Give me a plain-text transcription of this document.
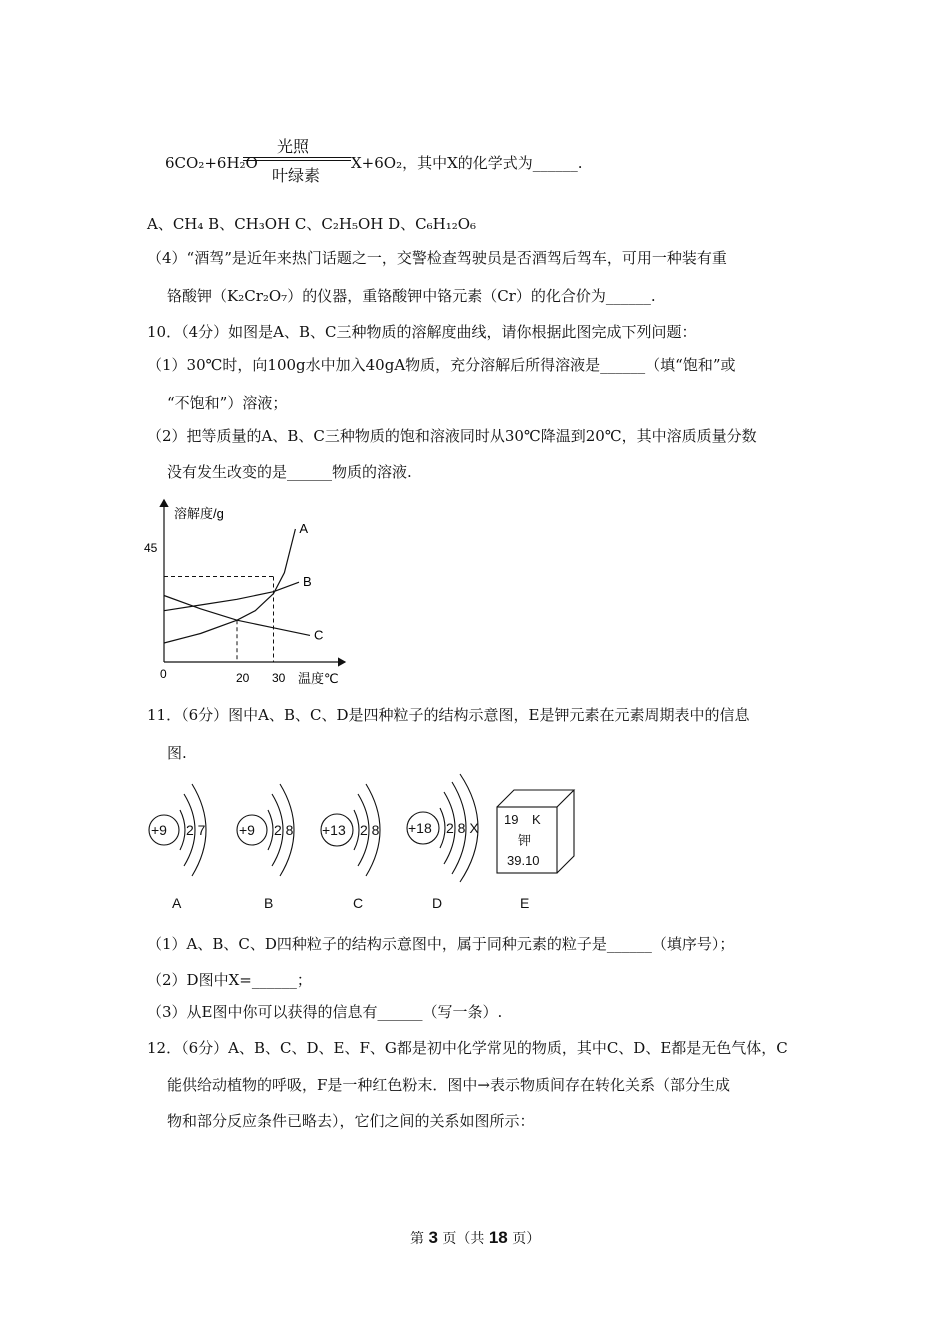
6CO₂+6H₂O
光照
叶绿素
X+6O₂，其中X的化学式为______.
A、CH₄ B、CH₃OH C、C₂H₅OH D、C₆H₁₂O₆
（4）“酒驾”是近年来热门话题之一，交警检查驾驶员是否酒驾后驾车，可用一种装有重
铬酸钾（K₂Cr₂O₇）的仪器，重铬酸钾中铬元素（Cr）的化合价为______.
10．（4分）如图是A、B、C三种物质的溶解度曲线，请你根据此图完成下列问题：
（1）30℃时，向100g水中加入40gA物质，充分溶解后所得溶液是______（填“饱和”或
“不饱和”）溶液；
（2）把等质量的A、B、C三种物质的饱和溶液同时从30℃降温到20℃，其中溶质质量分数
没有发生改变的是______物质的溶液.
溶解度/g
温度℃
0
45
20 30
A
B
C
11．（6分）图中A、B、C、D是四种粒子的结构示意图，E是钾元素在元素周期表中的信息
图.
+9 2 7 +9 2 8 +13 2 8 +18 2 8 X
19 K
钾
39.10
A	B	C	D	E
（1）A、B、C、D四种粒子的结构示意图中，属于同种元素的粒子是______（填序号）；
（2）D图中X=______；
（3）从E图中你可以获得的信息有______（写一条）.
12．（6分）A、B、C、D、E、F、G都是初中化学常见的物质，其中C、D、E都是无色气体，C
能供给动植物的呼吸，F是一种红色粉末．图中→表示物质间存在转化关系（部分生成
物和部分反应条件已略去），它们之间的关系如图所示：
第 3 页（共 18 页）
